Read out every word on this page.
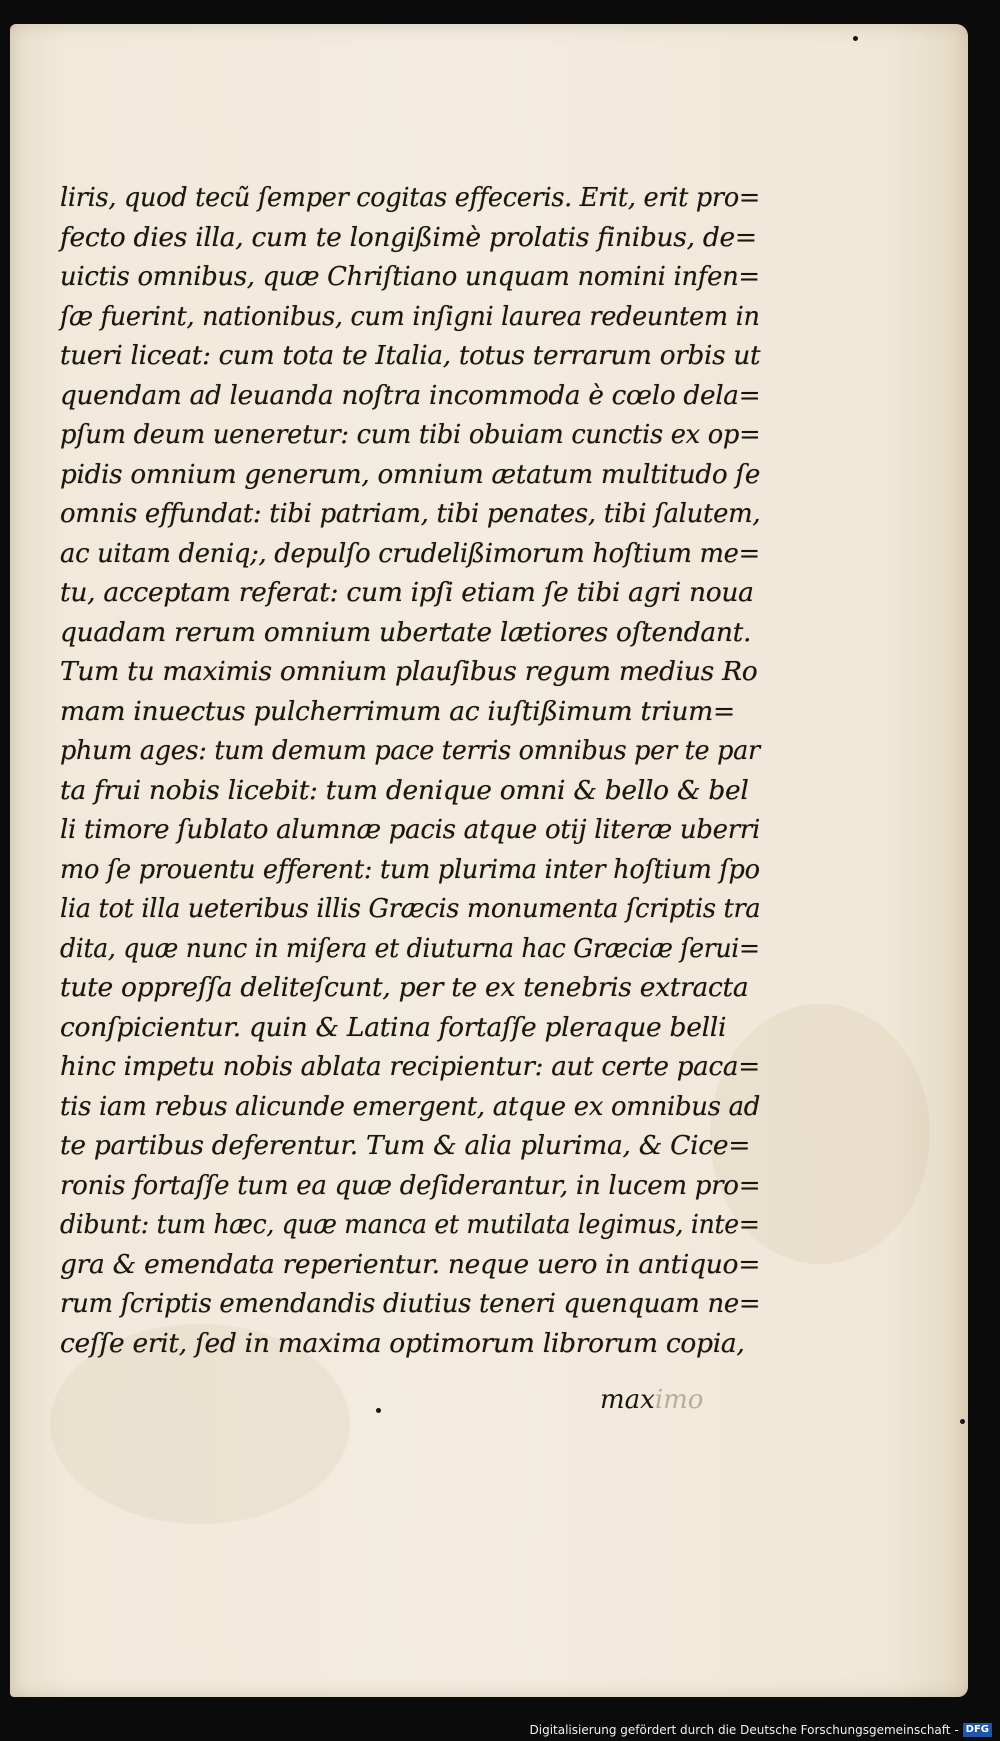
liris, quod tecũ ſemper cogitas effeceris. Erit, erit pro=
fecto dies illa, cum te longißimè prolatis finibus, de=
uictis omnibus, quæ Chriſtiano unquam nomini infen=
ſæ fuerint, nationibus, cum inſigni laurea redeuntem in
tueri liceat: cum tota te Italia, totus terrarum orbis ut
quendam ad leuanda noſtra incommoda è cœlo dela=
pſum deum ueneretur: cum tibi obuiam cunctis ex op=
pidis omnium generum, omnium ætatum multitudo ſe
omnis effundat: tibi patriam, tibi penates, tibi ſalutem,
ac uitam deniq;, depulſo crudelißimorum hoſtium me=
tu, acceptam referat: cum ipſi etiam ſe tibi agri noua
quadam rerum omnium ubertate lætiores oſtendant.
Tum tu maximis omnium plauſibus regum medius Ro
mam inuectus pulcherrimum ac iuſtißimum trium=
phum ages: tum demum pace terris omnibus per te par
ta frui nobis licebit: tum denique omni & bello & bel
li timore ſublato alumnæ pacis atque otij literæ uberri
mo ſe prouentu efferent: tum plurima inter hoſtium ſpo
lia tot illa ueteribus illis Græcis monumenta ſcriptis tra
dita, quæ nunc in miſera et diuturna hac Græciæ ſerui=
tute oppreſſa deliteſcunt, per te ex tenebris extracta
conſpicientur. quin & Latina fortaſſe pleraque belli
hinc impetu nobis ablata recipientur: aut certe paca=
tis iam rebus alicunde emergent, atque ex omnibus ad
te partibus deferentur. Tum & alia plurima, & Cice=
ronis fortaſſe tum ea quæ deſiderantur, in lucem pro=
dibunt: tum hæc, quæ manca et mutilata legimus, inte=
gra & emendata reperientur. neque uero in antiquo=
rum ſcriptis emendandis diutius teneri quenquam ne=
ceſſe erit, ſed in maxima optimorum librorum copia,
maximo
Digitalisierung gefördert durch die Deutsche Forschungsgemeinschaft - DFG
